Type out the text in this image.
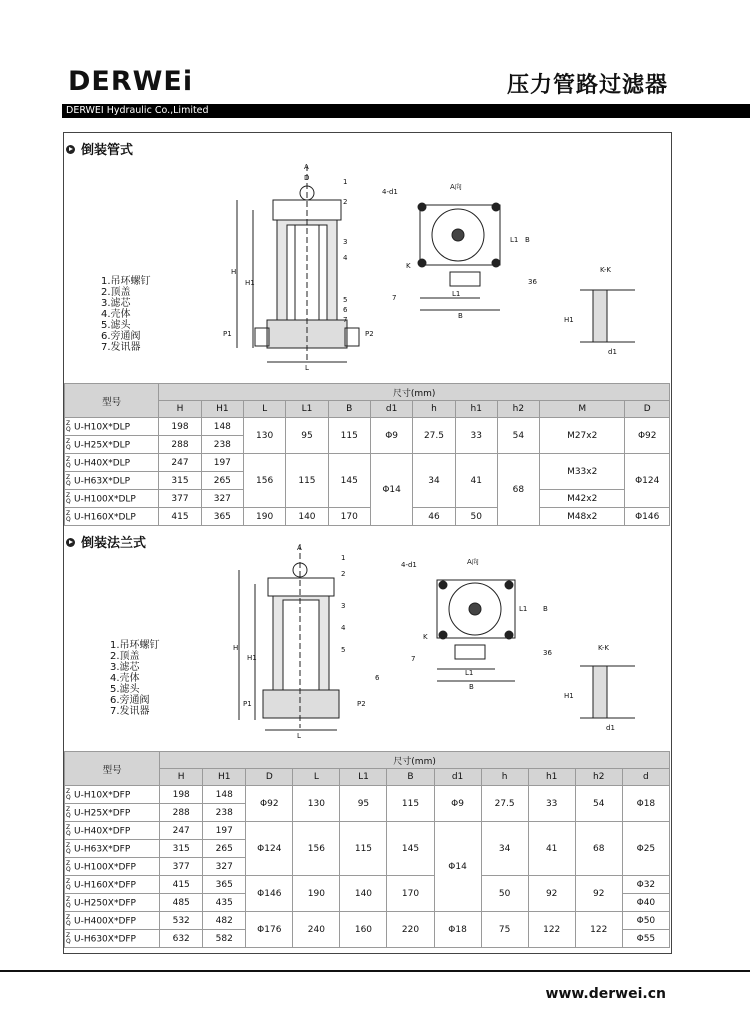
DERWEi	压力管路过滤器
DERWEI Hydraulic Co.,Limited
倒装管式
1.吊环螺钉
2.顶盖
3.滤芯
4.壳体
5.滤头
6.旁通阀
7.发讯器
A
D
H
H1
P1	P2
L
1
2
3
4
5
6
7
A向
4-d1
L1 B
K
7	L1
B
36
K-K
H1
d1
型号	尺寸(mm)										
	H	H1	L	L1	B	d1	h	h1	h2	M	D
Z
Q U-H10X*DLP	198	148	130	95	115	Φ9	27.5	33	54	M27x2	Φ92
Z
Q U-H25X*DLP	288	238									
Z
Q U-H40X*DLP	247	197	156	115	145	Φ14	34	41	68	M33x2	Φ124
Z
Q U-H63X*DLP	315	265									
Z
Q U-H100X*DLP	377	327								M42x2	
Z
Q U-H160X*DLP	415	365	190	140	170		46	50		M48x2	Φ146
倒装法兰式
1.吊环螺钉
2.顶盖
3.滤芯
4.壳体
5.滤头
6.旁通阀
7.发讯器
A
H
H1
P1	P2
L
1
2
3
4
5
6
A向
4-d1
L1 B
K
7
L1
B
36
K-K
H1
d1
型号	尺寸(mm)										
	H	H1	D	L	L1	B	d1	h	h1	h2	d
Z
Q U-H10X*DFP	198	148	Φ92	130	95	115	Φ9	27.5	33	54	Φ18
Z
Q U-H25X*DFP	288	238									
Z
Q U-H40X*DFP	247	197	Φ124	156	115	145	Φ14	34	41	68	Φ25
Z
Q U-H63X*DFP	315	265									
Z
Q U-H100X*DFP	377	327									
Z
Q U-H160X*DFP	415	365	Φ146	190	140	170		50	92	92	Φ32
Z
Q U-H250X*DFP	485	435									Φ40
Z
Q U-H400X*DFP	532	482	Φ176	240	160	220	Φ18	75	122	122	Φ50
Z
Q U-H630X*DFP	632	582									Φ55
www.derwei.cn
